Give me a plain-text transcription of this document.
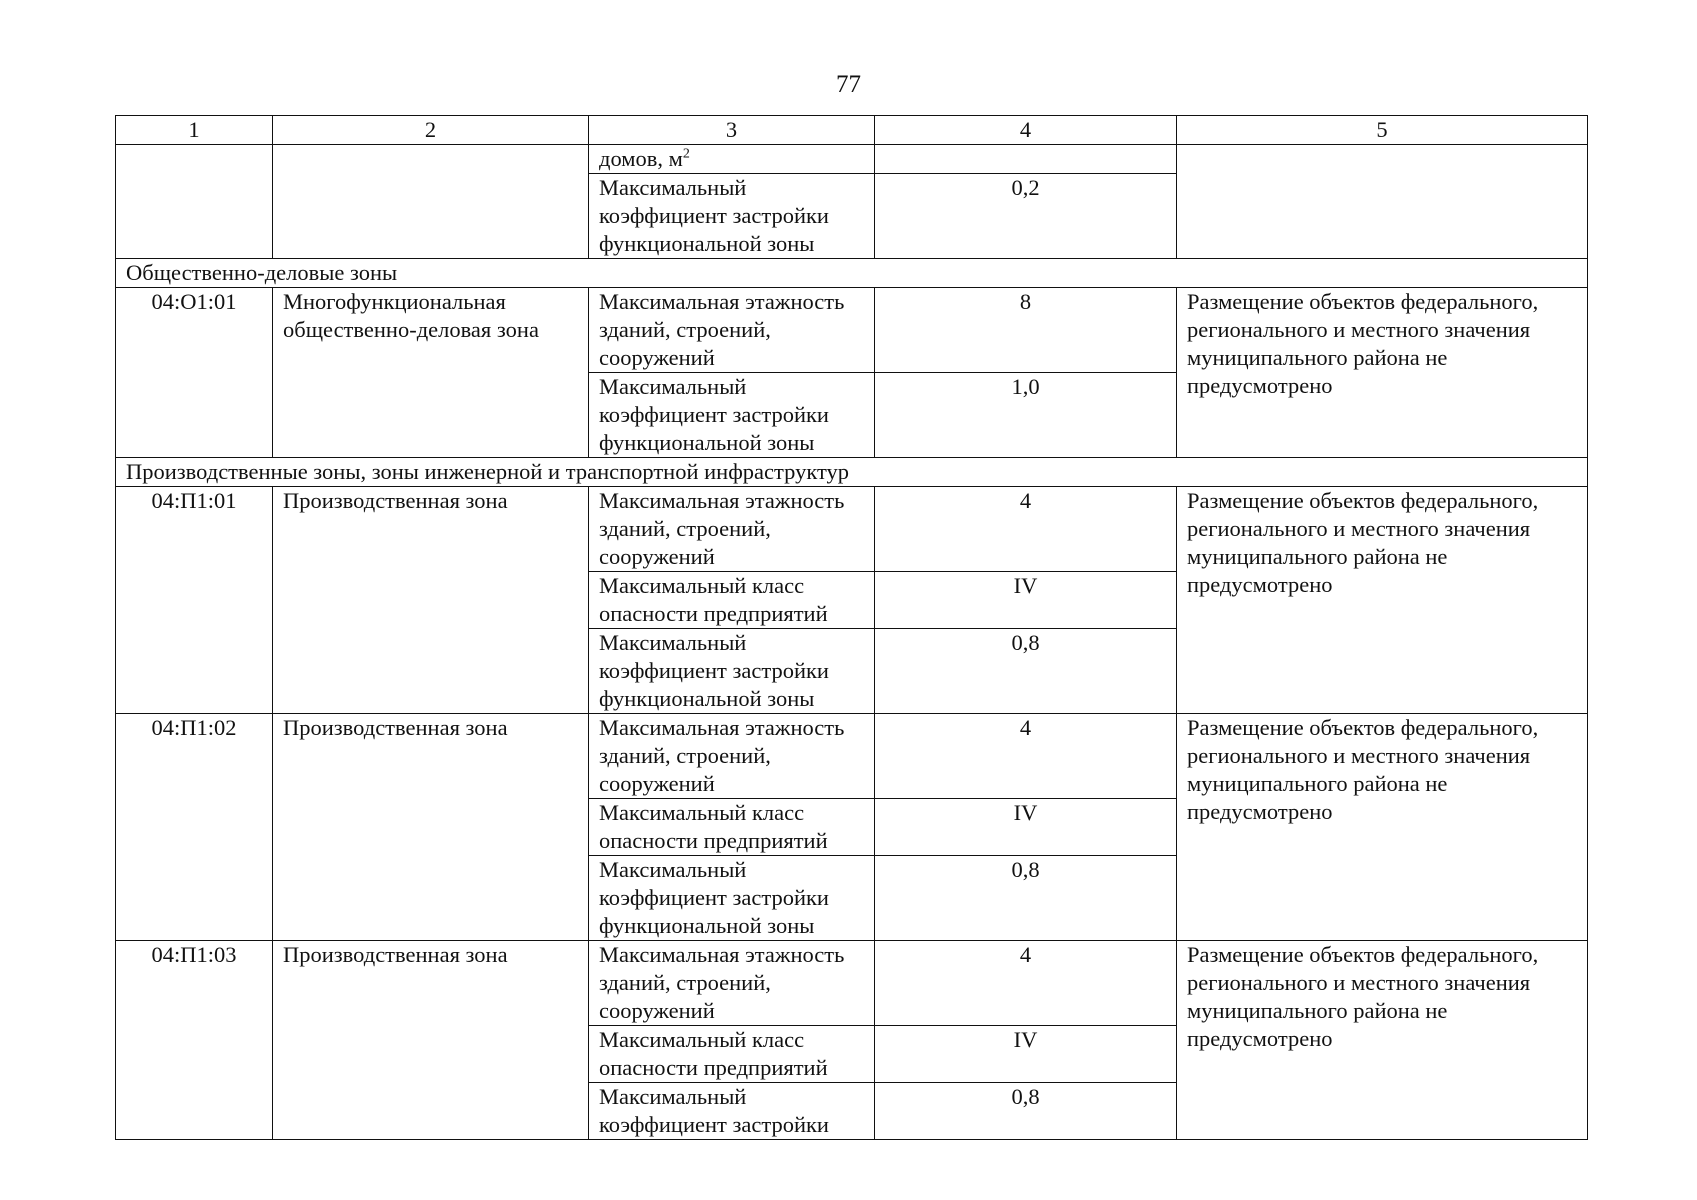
77
1	2	3	4	5
		домов, $м^2$		
		Максимальный коэффициент застройки функциональной зоны	0,2	
Общественно-деловые зоны				
04:О1:01	Многофункциональная общественно-деловая зона	Максимальная этажность зданий, строений, сооружений	8	Размещение объектов федерального, регионального и местного значения муниципального района не предусмотрено
		Максимальный коэффициент застройки функциональной зоны	1,0	
Производственные зоны, зоны инженерной и транспортной инфраструктур				
04:П1:01	Производственная зона	Максимальная этажность зданий, строений, сооружений	4	Размещение объектов федерального, регионального и местного значения муниципального района не предусмотрено
		Максимальный класс опасности предприятий	IV	
		Максимальный коэффициент застройки функциональной зоны	0,8	
04:П1:02	Производственная зона	Максимальная этажность зданий, строений, сооружений	4	Размещение объектов федерального, регионального и местного значения муниципального района не предусмотрено
		Максимальный класс опасности предприятий	IV	
		Максимальный коэффициент застройки функциональной зоны	0,8	
04:П1:03	Производственная зона	Максимальная этажность зданий, строений, сооружений	4	Размещение объектов федерального, регионального и местного значения муниципального района не предусмотрено
		Максимальный класс опасности предприятий	IV	
		Максимальный коэффициент застройки	0,8	
